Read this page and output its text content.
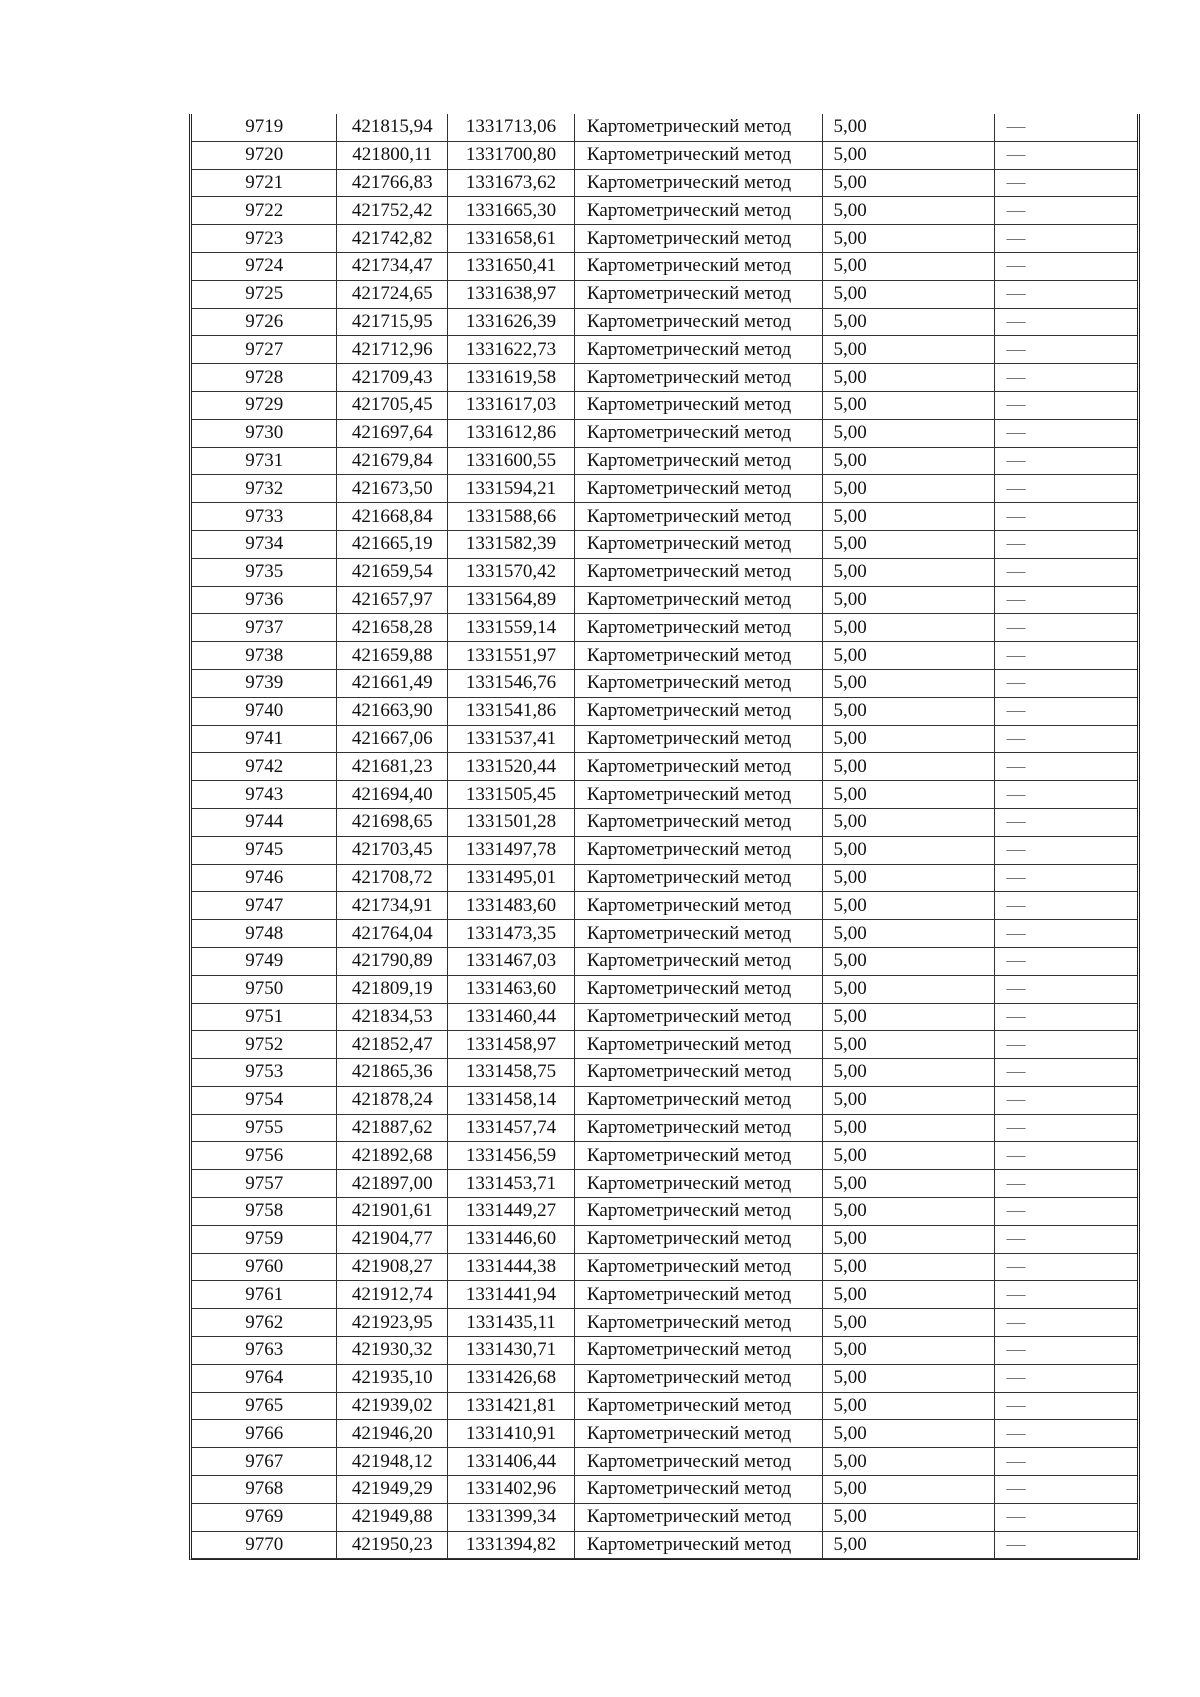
9719	421815,94	1331713,06	Картометрический метод	5,00	—
9720	421800,11	1331700,80	Картометрический метод	5,00	—
9721	421766,83	1331673,62	Картометрический метод	5,00	—
9722	421752,42	1331665,30	Картометрический метод	5,00	—
9723	421742,82	1331658,61	Картометрический метод	5,00	—
9724	421734,47	1331650,41	Картометрический метод	5,00	—
9725	421724,65	1331638,97	Картометрический метод	5,00	—
9726	421715,95	1331626,39	Картометрический метод	5,00	—
9727	421712,96	1331622,73	Картометрический метод	5,00	—
9728	421709,43	1331619,58	Картометрический метод	5,00	—
9729	421705,45	1331617,03	Картометрический метод	5,00	—
9730	421697,64	1331612,86	Картометрический метод	5,00	—
9731	421679,84	1331600,55	Картометрический метод	5,00	—
9732	421673,50	1331594,21	Картометрический метод	5,00	—
9733	421668,84	1331588,66	Картометрический метод	5,00	—
9734	421665,19	1331582,39	Картометрический метод	5,00	—
9735	421659,54	1331570,42	Картометрический метод	5,00	—
9736	421657,97	1331564,89	Картометрический метод	5,00	—
9737	421658,28	1331559,14	Картометрический метод	5,00	—
9738	421659,88	1331551,97	Картометрический метод	5,00	—
9739	421661,49	1331546,76	Картометрический метод	5,00	—
9740	421663,90	1331541,86	Картометрический метод	5,00	—
9741	421667,06	1331537,41	Картометрический метод	5,00	—
9742	421681,23	1331520,44	Картометрический метод	5,00	—
9743	421694,40	1331505,45	Картометрический метод	5,00	—
9744	421698,65	1331501,28	Картометрический метод	5,00	—
9745	421703,45	1331497,78	Картометрический метод	5,00	—
9746	421708,72	1331495,01	Картометрический метод	5,00	—
9747	421734,91	1331483,60	Картометрический метод	5,00	—
9748	421764,04	1331473,35	Картометрический метод	5,00	—
9749	421790,89	1331467,03	Картометрический метод	5,00	—
9750	421809,19	1331463,60	Картометрический метод	5,00	—
9751	421834,53	1331460,44	Картометрический метод	5,00	—
9752	421852,47	1331458,97	Картометрический метод	5,00	—
9753	421865,36	1331458,75	Картометрический метод	5,00	—
9754	421878,24	1331458,14	Картометрический метод	5,00	—
9755	421887,62	1331457,74	Картометрический метод	5,00	—
9756	421892,68	1331456,59	Картометрический метод	5,00	—
9757	421897,00	1331453,71	Картометрический метод	5,00	—
9758	421901,61	1331449,27	Картометрический метод	5,00	—
9759	421904,77	1331446,60	Картометрический метод	5,00	—
9760	421908,27	1331444,38	Картометрический метод	5,00	—
9761	421912,74	1331441,94	Картометрический метод	5,00	—
9762	421923,95	1331435,11	Картометрический метод	5,00	—
9763	421930,32	1331430,71	Картометрический метод	5,00	—
9764	421935,10	1331426,68	Картометрический метод	5,00	—
9765	421939,02	1331421,81	Картометрический метод	5,00	—
9766	421946,20	1331410,91	Картометрический метод	5,00	—
9767	421948,12	1331406,44	Картометрический метод	5,00	—
9768	421949,29	1331402,96	Картометрический метод	5,00	—
9769	421949,88	1331399,34	Картометрический метод	5,00	—
9770	421950,23	1331394,82	Картометрический метод	5,00	—
